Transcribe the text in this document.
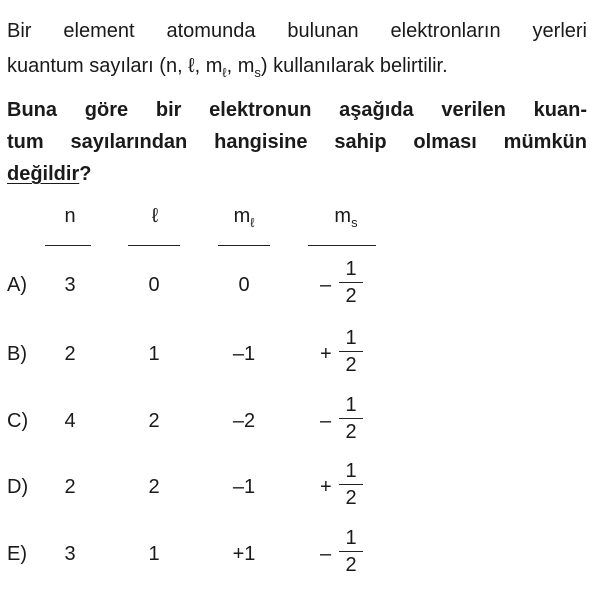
Bir element atomunda bulunan elektronların yerleri
kuantum sayıları (n, ℓ, $m_\ell$, $m_s$) kullanılarak belirtilir.
Buna göre bir elektronun aşağıda verilen kuan-
tum sayılarından hangisine sahip olması mümkün
değildir?
n	ℓ	$m_\ell$	$m_s$
A) 3	0	0	–
1
2
B) 2	1	–1	+
1
2
C) 4	2	–2	–
1
2
D) 2	2	–1	+
1
2
E) 3	1	+1	–
1
2
